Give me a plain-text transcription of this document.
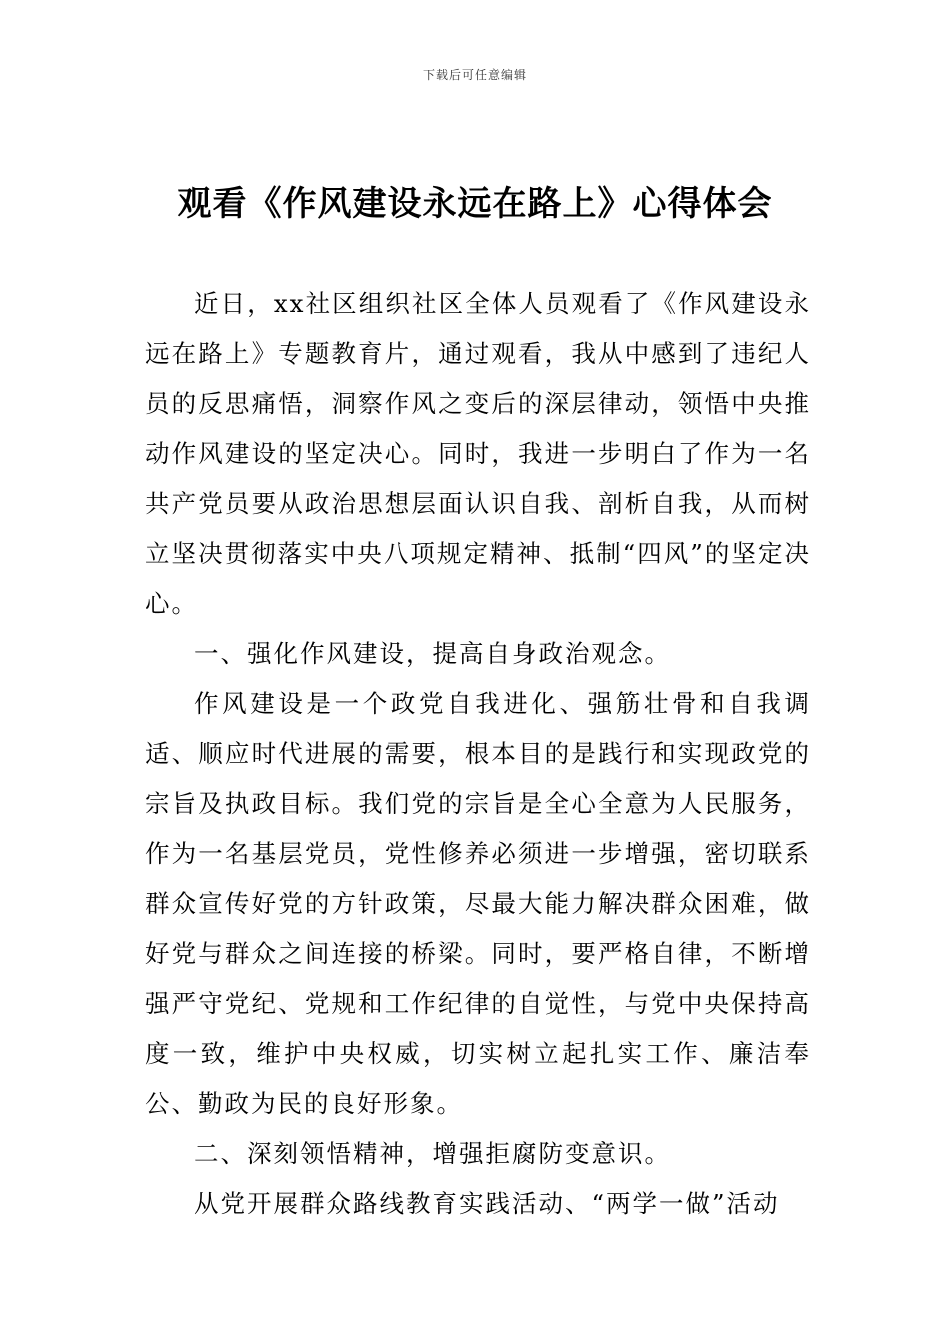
下载后可任意编辑
观看《作风建设永远在路上》心得体会

近日，xx社区组织社区全体人员观看了《作风建设永远在路上》专题教育片，通过观看，我从中感到了违纪人员的反思痛悟，洞察作风之变后的深层律动，领悟中央推动作风建设的坚定决心。同时，我进一步明白了作为一名共产党员要从政治思想层面认识自我、剖析自我，从而树立坚决贯彻落实中央八项规定精神、抵制“四风”的坚定决心。

一、强化作风建设，提高自身政治观念。

作风建设是一个政党自我进化、强筋壮骨和自我调适、顺应时代进展的需要，根本目的是践行和实现政党的宗旨及执政目标。我们党的宗旨是全心全意为人民服务，作为一名基层党员，党性修养必须进一步增强，密切联系群众宣传好党的方针政策，尽最大能力解决群众困难，做好党与群众之间连接的桥梁。同时，要严格自律，不断增强严守党纪、党规和工作纪律的自觉性，与党中央保持高度一致，维护中央权威，切实树立起扎实工作、廉洁奉公、勤政为民的良好形象。

二、深刻领悟精神，增强拒腐防变意识。

从党开展群众路线教育实践活动、“两学一做”活动
